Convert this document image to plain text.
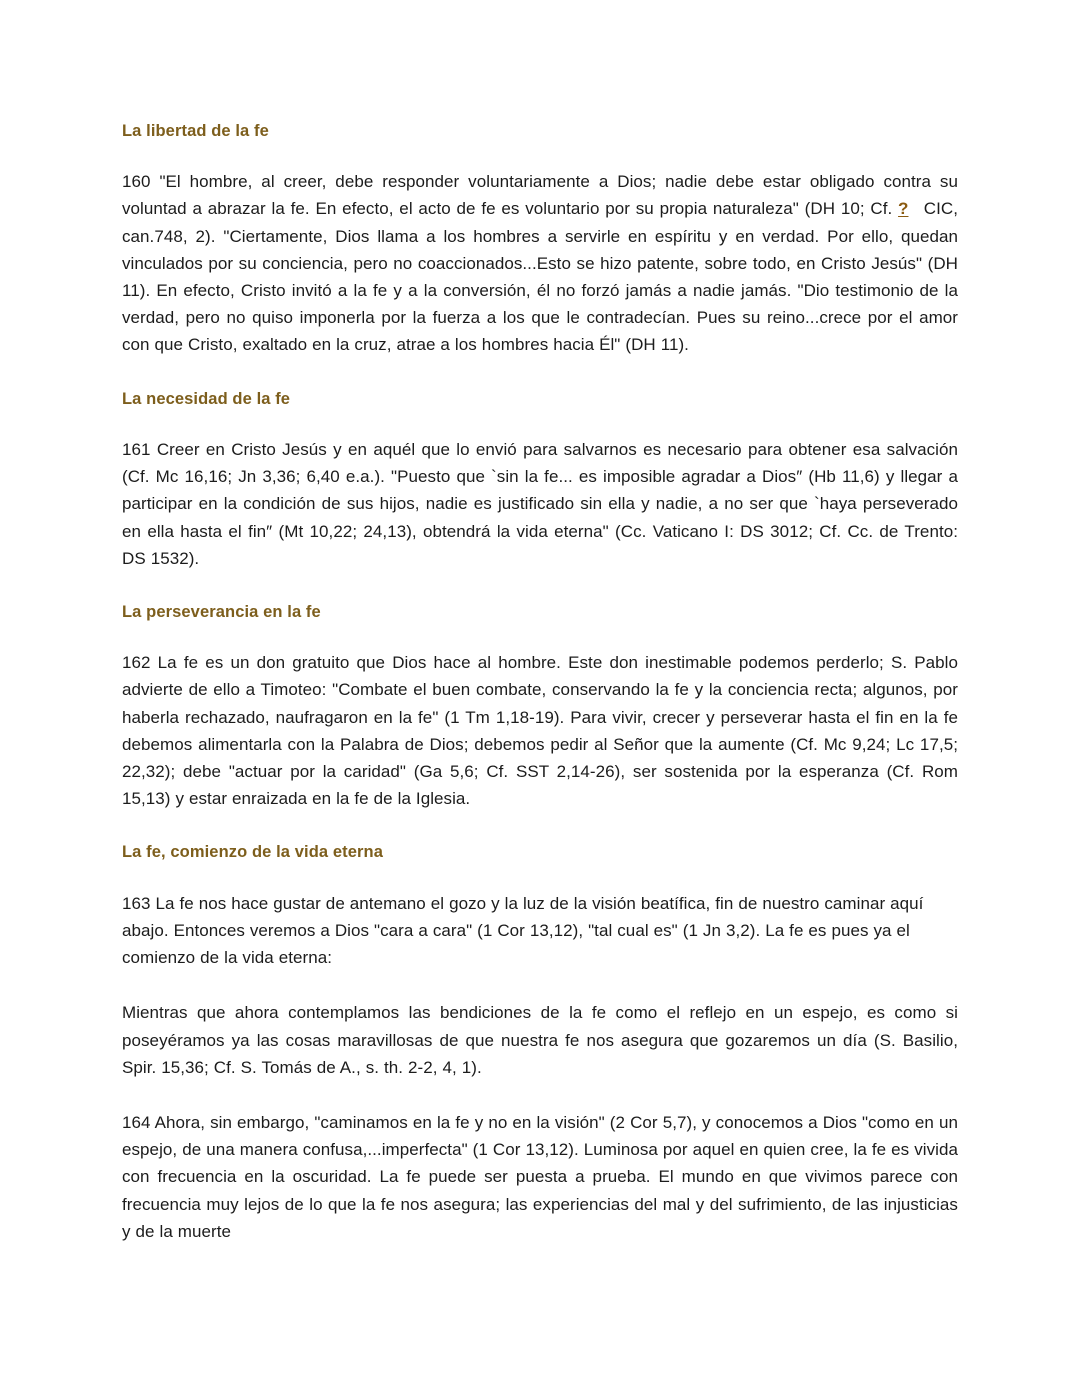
La libertad de la fe

160 "El hombre, al creer, debe responder voluntariamente a Dios; nadie debe estar obligado contra su voluntad a abrazar la fe. En efecto, el acto de fe es voluntario por su propia naturaleza" (DH 10; Cf. ? CIC, can.748, 2). "Ciertamente, Dios llama a los hombres a servirle en espíritu y en verdad. Por ello, quedan vinculados por su conciencia, pero no coaccionados...Esto se hizo patente, sobre todo, en Cristo Jesús" (DH 11). En efecto, Cristo invitó a la fe y a la conversión, él no forzó jamás a nadie jamás. "Dio testimonio de la verdad, pero no quiso imponerla por la fuerza a los que le contradecían. Pues su reino...crece por el amor con que Cristo, exaltado en la cruz, atrae a los hombres hacia Él" (DH 11).

La necesidad de la fe

161 Creer en Cristo Jesús y en aquél que lo envió para salvarnos es necesario para obtener esa salvación (Cf. Mc 16,16; Jn 3,36; 6,40 e.a.). "Puesto que `sin la fe... es imposible agradar a Dios″ (Hb 11,6) y llegar a participar en la condición de sus hijos, nadie es justificado sin ella y nadie, a no ser que `haya perseverado en ella hasta el fin″ (Mt 10,22; 24,13), obtendrá la vida eterna" (Cc. Vaticano I: DS 3012; Cf. Cc. de Trento: DS 1532).

La perseverancia en la fe

162 La fe es un don gratuito que Dios hace al hombre. Este don inestimable podemos perderlo; S. Pablo advierte de ello a Timoteo: "Combate el buen combate, conservando la fe y la conciencia recta; algunos, por haberla rechazado, naufragaron en la fe" (1 Tm 1,18-19). Para vivir, crecer y perseverar hasta el fin en la fe debemos alimentarla con la Palabra de Dios; debemos pedir al Señor que la aumente (Cf. Mc 9,24; Lc 17,5; 22,32); debe "actuar por la caridad" (Ga 5,6; Cf. SST 2,14-26), ser sostenida por la esperanza (Cf. Rom 15,13) y estar enraizada en la fe de la Iglesia.

La fe, comienzo de la vida eterna

163 La fe nos hace gustar de antemano el gozo y la luz de la visión beatífica, fin de nuestro caminar aquí abajo. Entonces veremos a Dios "cara a cara" (1 Cor 13,12), "tal cual es" (1 Jn 3,2). La fe es pues ya el comienzo de la vida eterna:

Mientras que ahora contemplamos las bendiciones de la fe como el reflejo en un espejo, es como si poseyéramos ya las cosas maravillosas de que nuestra fe nos asegura que gozaremos un día (S. Basilio, Spir. 15,36; Cf. S. Tomás de A., s. th. 2-2, 4, 1).

164 Ahora, sin embargo, "caminamos en la fe y no en la visión" (2 Cor 5,7), y conocemos a Dios "como en un espejo, de una manera confusa,...imperfecta" (1 Cor 13,12). Luminosa por aquel en quien cree, la fe es vivida con frecuencia en la oscuridad. La fe puede ser puesta a prueba. El mundo en que vivimos parece con frecuencia muy lejos de lo que la fe nos asegura; las experiencias del mal y del sufrimiento, de las injusticias y de la muerte
